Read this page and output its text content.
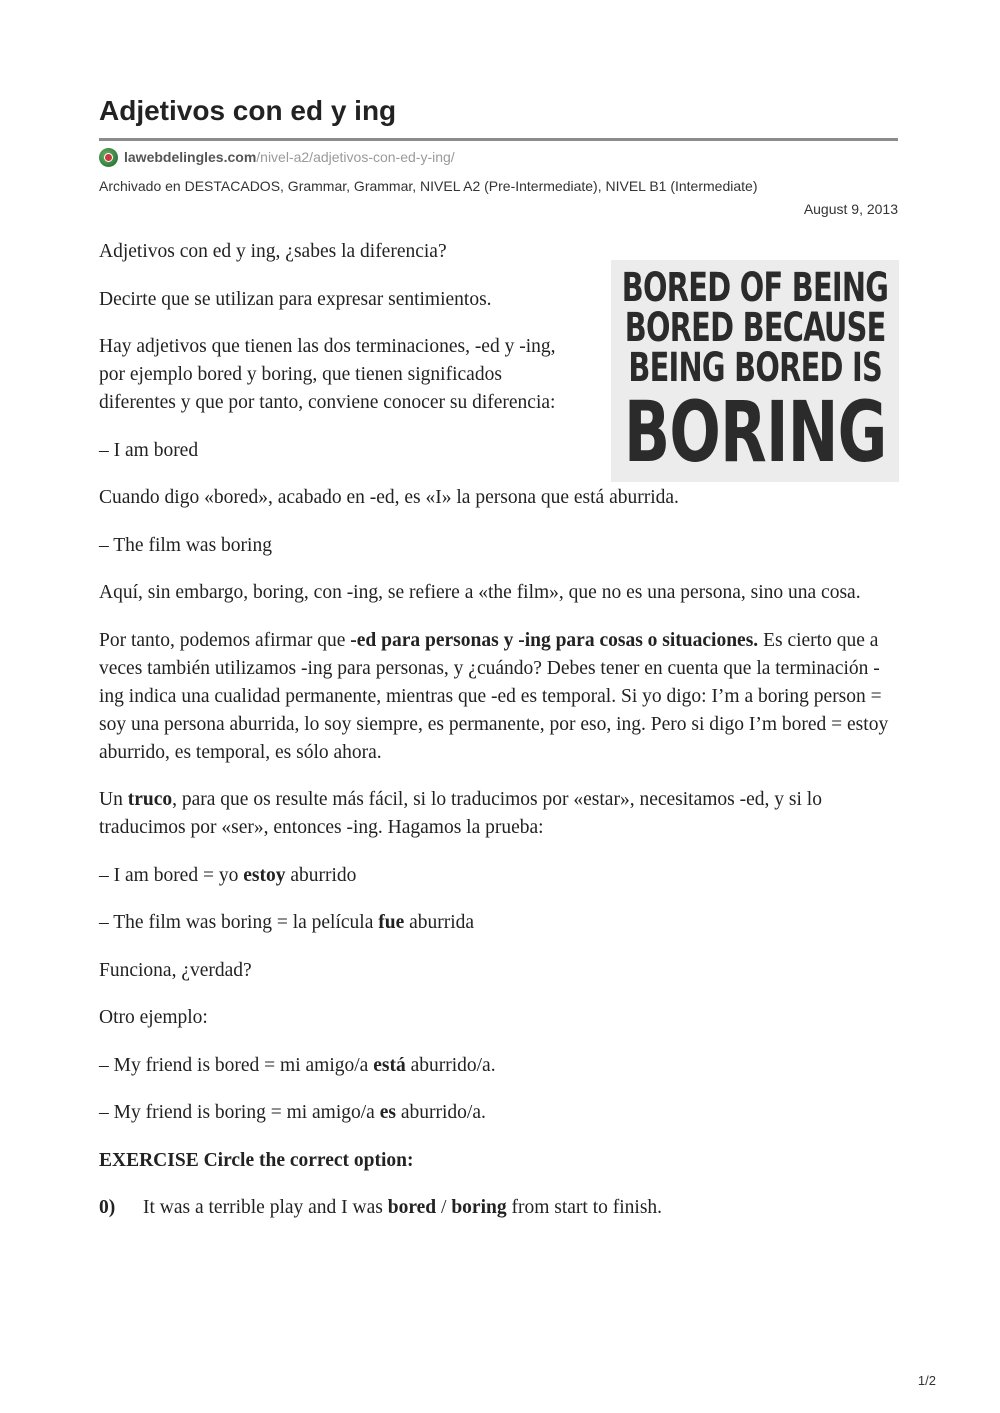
Adjetivos con ed y ing
lawebdelingles.com /nivel-a2/adjetivos-con-ed-y-ing/
Archivado en DESTACADOS, Grammar, Grammar, NIVEL A2 (Pre-Intermediate), NIVEL B1 (Intermediate)
August 9, 2013
BORED OF BEING
BORED BECAUSE
BEING BORED IS
BORING

Adjetivos con ed y ing, ¿sabes la diferencia?

Decirte que se utilizan para expresar sentimientos.

Hay adjetivos que tienen las dos terminaciones, -ed y -ing, por ejemplo bored y boring, que tienen significados diferentes y que por tanto, conviene conocer su diferencia:

– I am bored

Cuando digo «bored», acabado en -ed, es «I» la persona que está aburrida.

– The film was boring

Aquí, sin embargo, boring, con -ing, se refiere a «the film», que no es una persona, sino una cosa.

Por tanto, podemos afirmar que -ed para personas y -ing para cosas o situaciones. Es cierto que a veces también utilizamos -ing para personas, y ¿cuándo? Debes tener en cuenta que la terminación -ing indica una cualidad permanente, mientras que -ed es temporal. Si yo digo: I’m a boring person = soy una persona aburrida, lo soy siempre, es permanente, por eso, ing. Pero si digo I’m bored = estoy aburrido, es temporal, es sólo ahora.

Un truco, para que os resulte más fácil, si lo traducimos por «estar», necesitamos -ed, y si lo traducimos por «ser», entonces -ing. Hagamos la prueba:

– I am bored = yo estoy aburrido

– The film was boring = la película fue aburrida

Funciona, ¿verdad?

Otro ejemplo:

– My friend is bored = mi amigo/a está aburrido/a.

– My friend is boring = mi amigo/a es aburrido/a.

EXERCISE Circle the correct option:

0)	It was a terrible play and I was bored / boring from start to finish.
1/2
